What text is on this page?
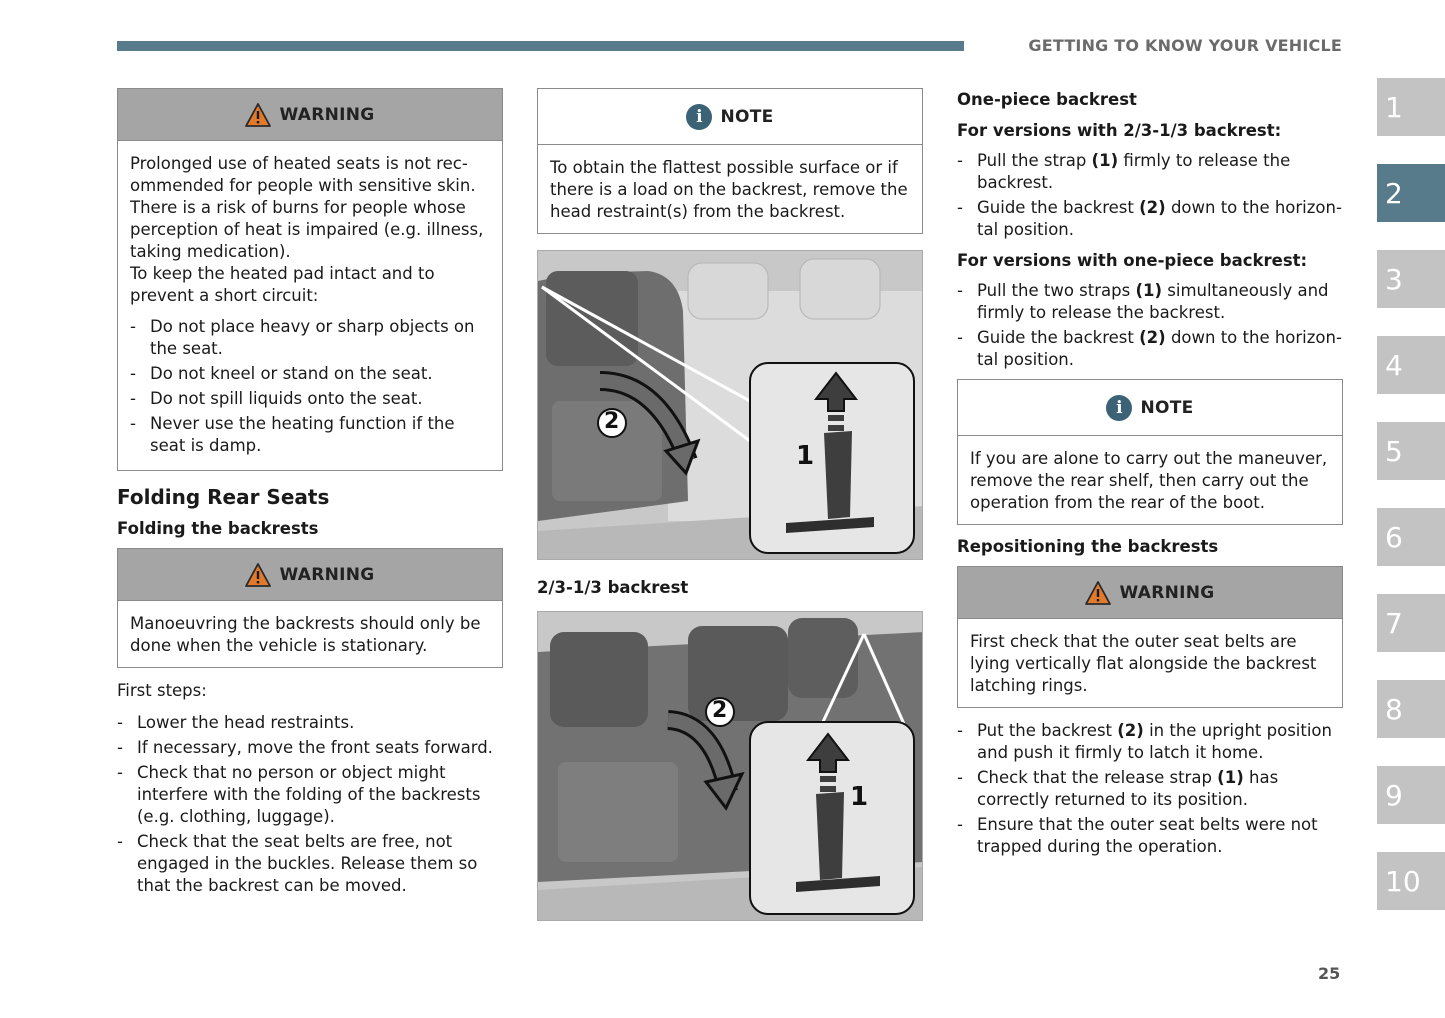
GETTING TO KNOW YOUR VEHICLE
WARNING

Prolonged use of heated seats is not rec-ommended for people with sensitive skin. There is a risk of burns for people whose perception of heat is impaired (e.g. illness, taking medication).

To keep the heated pad intact and to prevent a short circuit:

- Do not place heavy or sharp objects on the seat.
- Do not kneel or stand on the seat.
- Do not spill liquids onto the seat.
- Never use the heating function if the seat is damp.
Folding Rear Seats
Folding the backrests
WARNING

Manoeuvring the backrests should only be done when the vehicle is stationary.

First steps:

- Lower the head restraints.
- If necessary, move the front seats forward.
- Check that no person or object might interfere with the folding of the backrests (e.g. clothing, luggage).
- Check that the seat belts are free, not engaged in the buckles. Release them so that the backrest can be moved.
i	NOTE

To obtain the flattest possible surface or if there is a load on the backrest, remove the head restraint(s) from the backrest.

2
1
2/3-1/3 backrest
2
1
One-piece backrest
For versions with 2/3-1/3 backrest:
- Pull the strap (1) firmly to release the backrest.
- Guide the backrest (2) down to the horizon-tal position.
For versions with one-piece backrest:
- Pull the two straps (1) simultaneously and firmly to release the backrest.
- Guide the backrest (2) down to the horizon-tal position.
i	NOTE

If you are alone to carry out the maneuver, remove the rear shelf, then carry out the operation from the rear of the boot.

Repositioning the backrests
WARNING

First check that the outer seat belts are lying vertically flat alongside the backrest latching rings.

- Put the backrest (2) in the upright position and push it firmly to latch it home.
- Check that the release strap (1) has correctly returned to its position.
- Ensure that the outer seat belts were not trapped during the operation.
1
2
3
4
5
6
7
8
9
10
25
